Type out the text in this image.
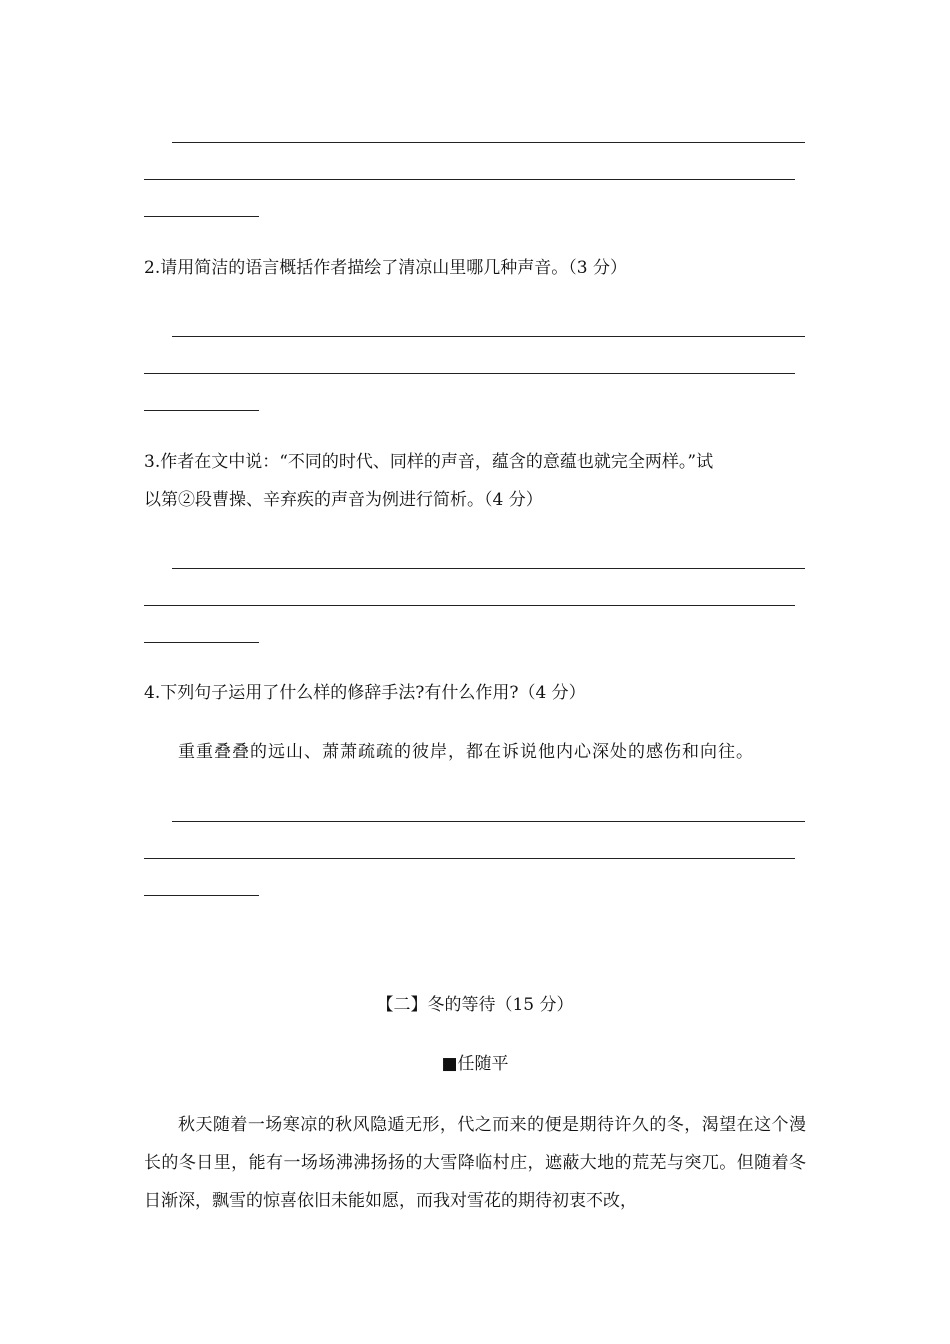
2.请用简洁的语言概括作者描绘了清凉山里哪几种声音。（3 分）
3.作者在文中说：“不同的时代、同样的声音，蕴含的意蕴也就完全两样。”试
以第②段曹操、辛弃疾的声音为例进行简析。（4 分）
4.下列句子运用了什么样的修辞手法?有什么作用?（4 分）
重重叠叠的远山、萧萧疏疏的彼岸，都在诉说他内心深处的感伤和向往。
【二】冬的等待（15 分）
■任随平
秋天随着一场寒凉的秋风隐遁无形，代之而来的便是期待许久的冬，渴望在这个漫长的冬日里，能有一场场沸沸扬扬的大雪降临村庄，遮蔽大地的荒芜与突兀。但随着冬日渐深，飘雪的惊喜依旧未能如愿，而我对雪花的期待初衷不改，
